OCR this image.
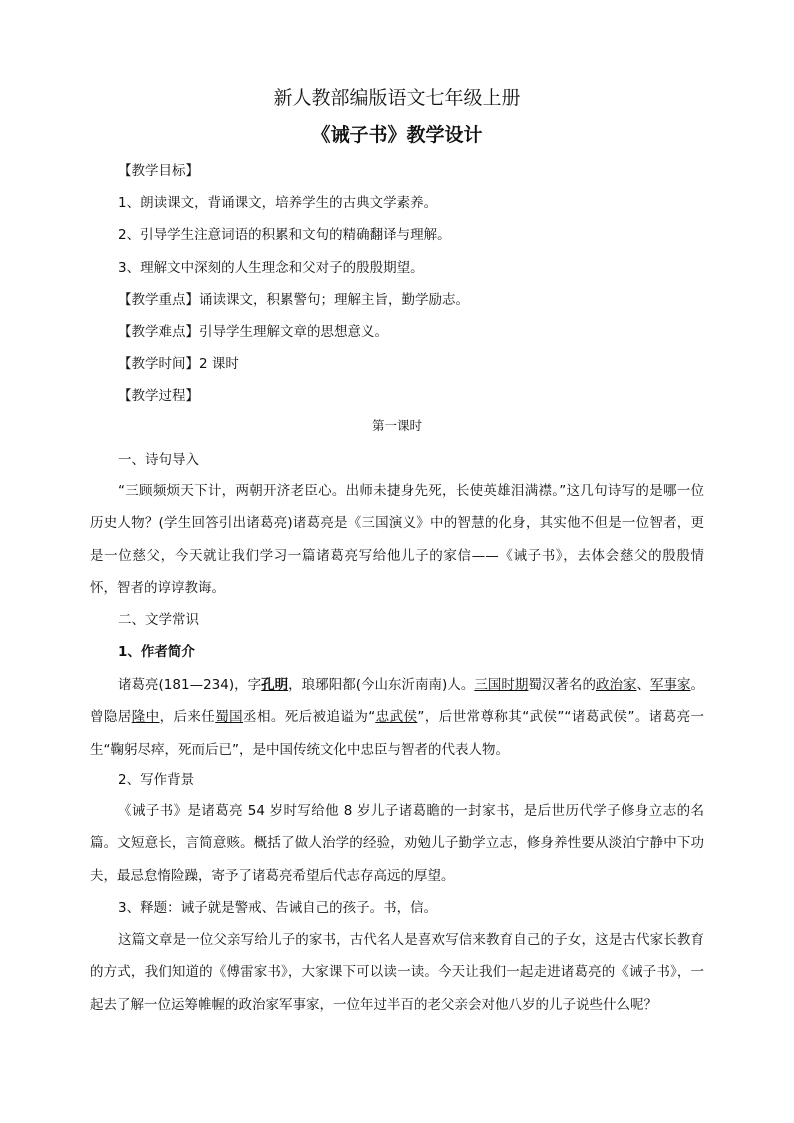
新人教部编版语文七年级上册
《诫子书》教学设计
【教学目标】
1、朗读课文，背诵课文，培养学生的古典文学素养。
2、引导学生注意词语的积累和文句的精确翻译与理解。
3、理解文中深刻的人生理念和父对子的殷殷期望。
【教学重点】诵读课文，积累警句；理解主旨，勤学励志。
【教学难点】引导学生理解文章的思想意义。
【教学时间】2 课时
【教学过程】
第一课时
一、诗句导入
“三顾频烦天下计，两朝开济老臣心。出师未捷身先死，长使英雄泪满襟。”这几句诗写的是哪一位历史人物？(学生回答引出诸葛亮)诸葛亮是《三国演义》中的智慧的化身，其实他不但是一位智者，更是一位慈父，今天就让我们学习一篇诸葛亮写给他儿子的家信——《诫子书》，去体会慈父的殷殷情怀，智者的谆谆教诲。
二、文学常识
1、作者简介
诸葛亮(181—234)，字孔明，琅琊阳都(今山东沂南南)人。三国时期蜀汉著名的政治家、军事家。曾隐居隆中，后来任蜀国丞相。死后被追谥为“忠武侯”，后世常尊称其“武侯”“诸葛武侯”。诸葛亮一生“鞠躬尽瘁，死而后已”，是中国传统文化中忠臣与智者的代表人物。
2、写作背景
《诫子书》是诸葛亮 54 岁时写给他 8 岁儿子诸葛瞻的一封家书，是后世历代学子修身立志的名篇。文短意长，言简意赅。概括了做人治学的经验，劝勉儿子勤学立志，修身养性要从淡泊宁静中下功夫，最忌怠惰险躁，寄予了诸葛亮希望后代志存高远的厚望。
3、释题：诫子就是警戒、告诫自己的孩子。书，信。
这篇文章是一位父亲写给儿子的家书，古代名人是喜欢写信来教育自己的子女，这是古代家长教育的方式，我们知道的《傅雷家书》，大家课下可以读一读。今天让我们一起走进诸葛亮的《诫子书》，一起去了解一位运筹帷幄的政治家军事家，一位年过半百的老父亲会对他八岁的儿子说些什么呢？
